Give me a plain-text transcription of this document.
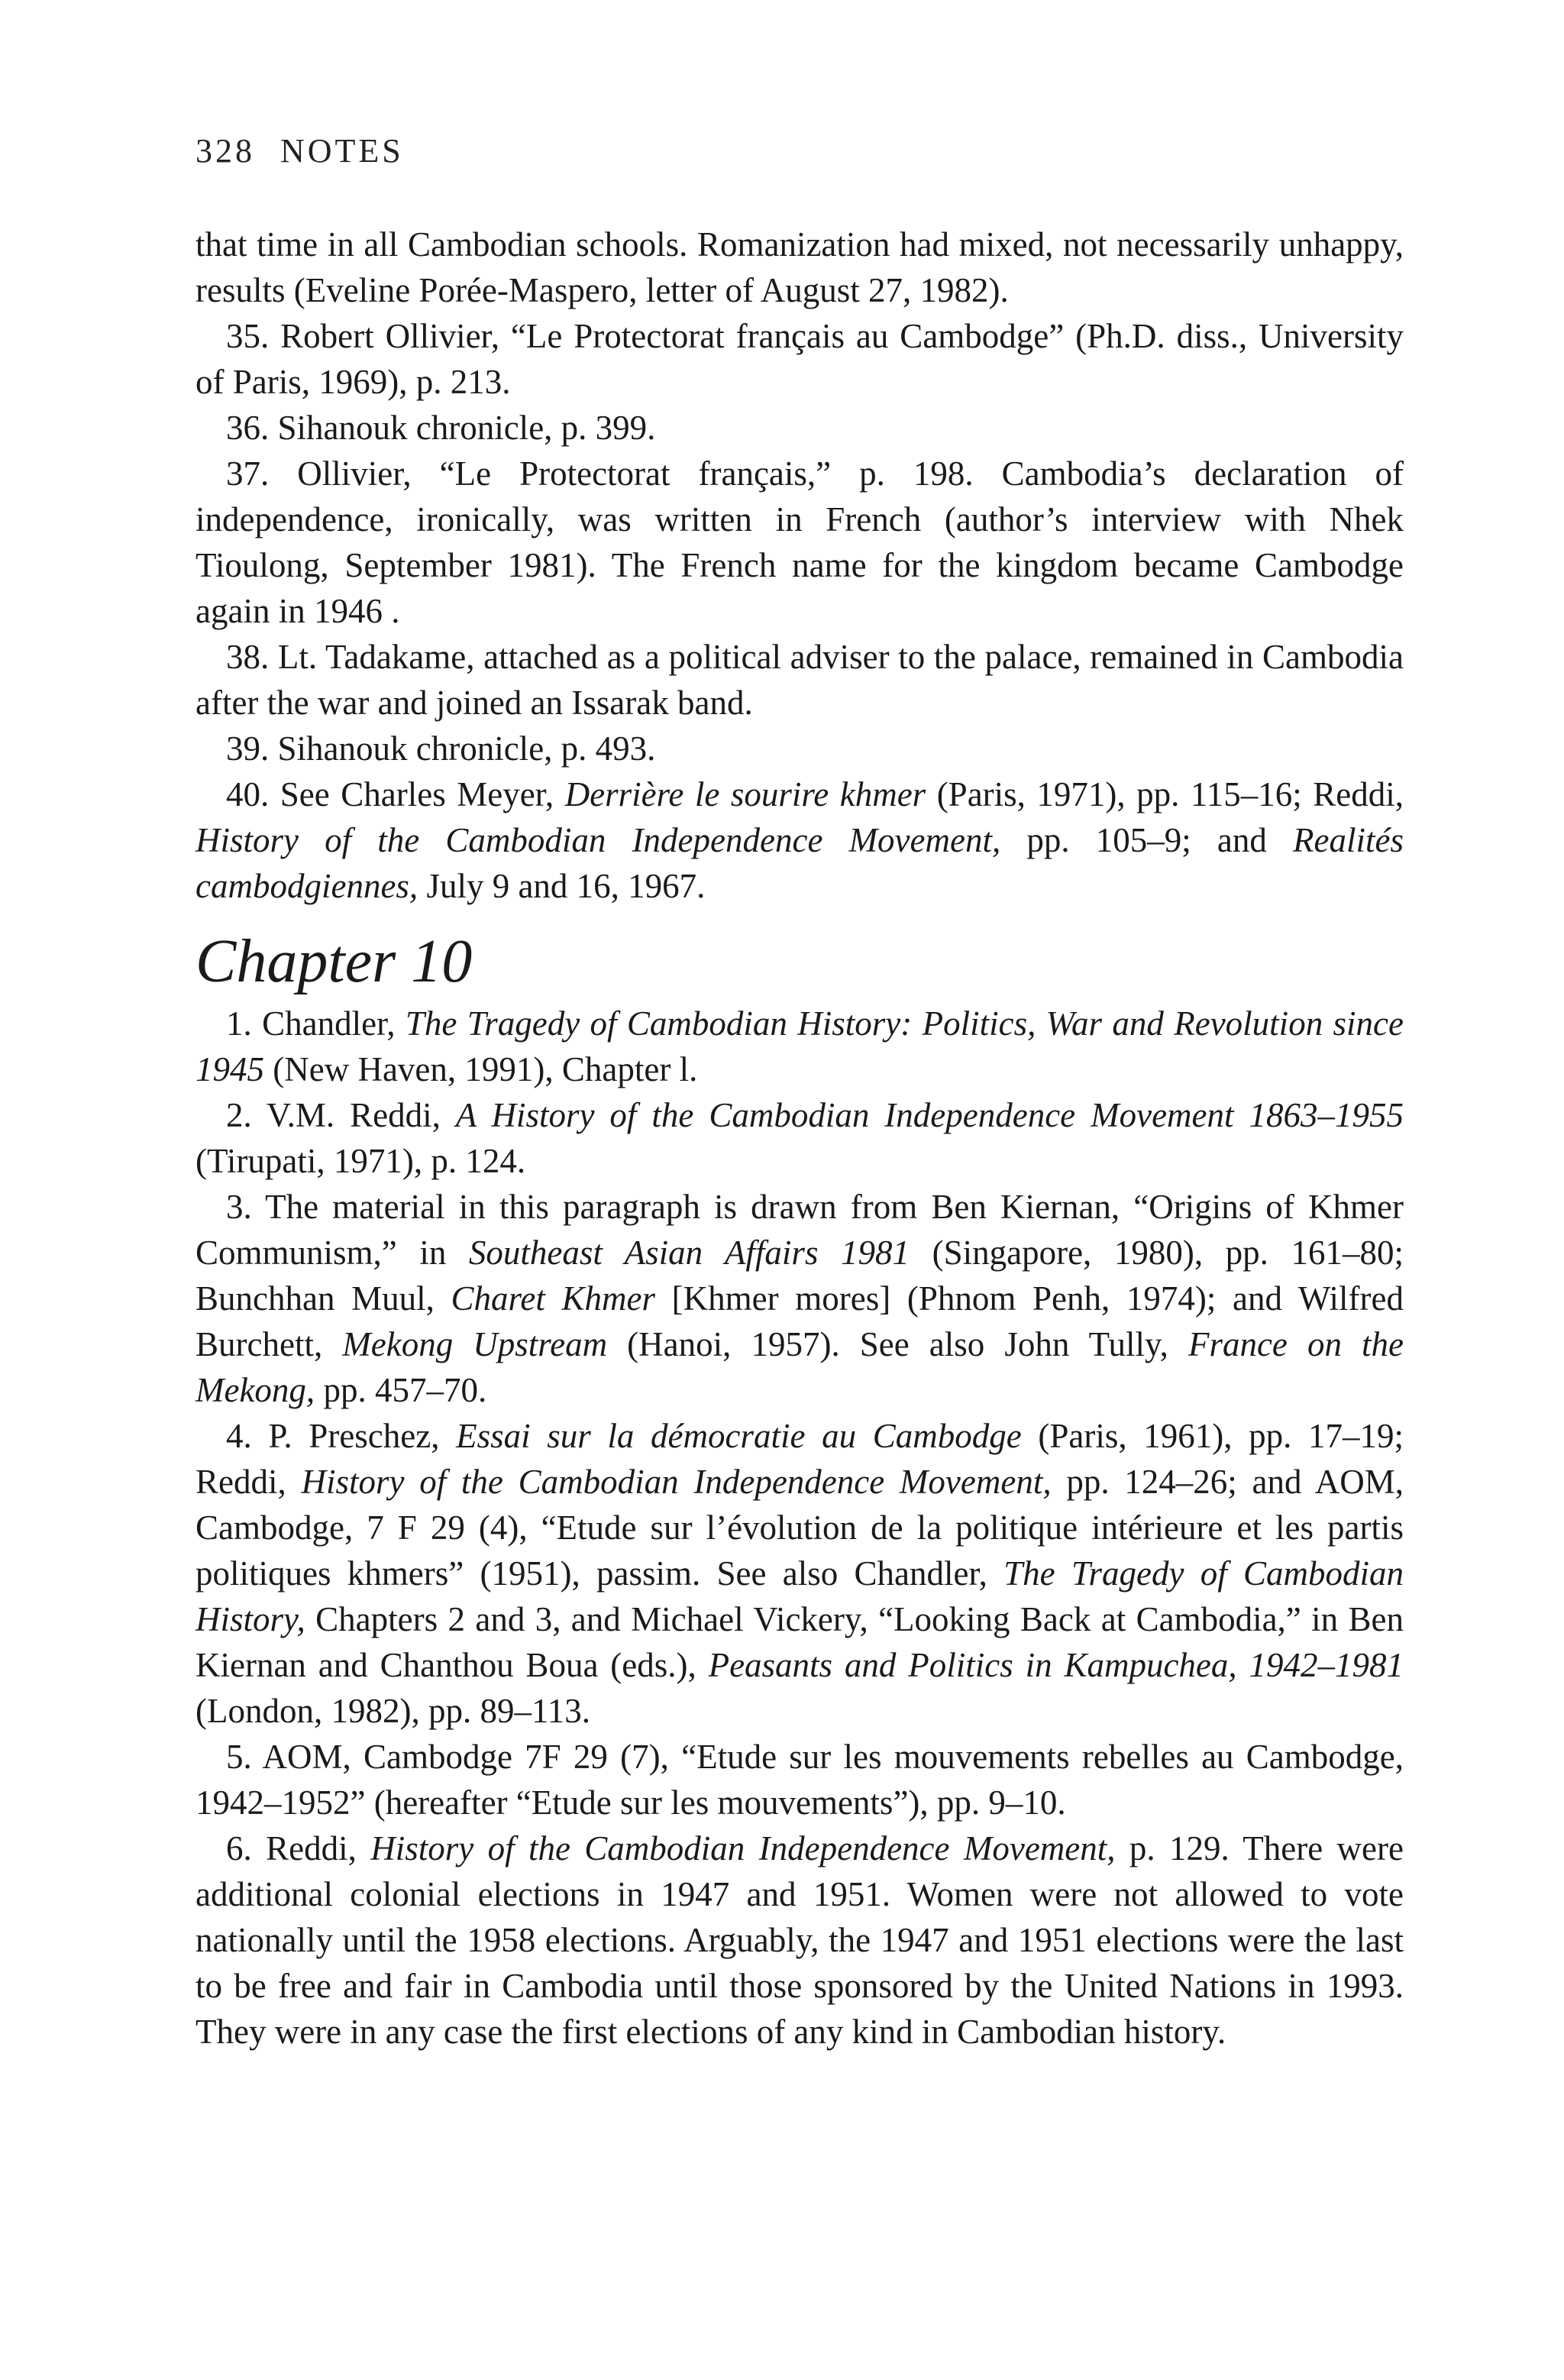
328 NOTES

that time in all Cambodian schools. Romanization had mixed, not necessarily unhappy, results (Eveline Porée-Maspero, letter of August 27, 1982).

35. Robert Ollivier, “Le Protectorat français au Cambodge” (Ph.D. diss., University of Paris, 1969), p. 213.

36. Sihanouk chronicle, p. 399.

37. Ollivier, “Le Protectorat français,” p. 198. Cambodia’s declaration of independence, ironically, was written in French (author’s interview with Nhek Tioulong, September 1981). The French name for the kingdom became Cambodge again in 1946 .

38. Lt. Tadakame, attached as a political adviser to the palace, remained in Cambodia after the war and joined an Issarak band.

39. Sihanouk chronicle, p. 493.

40. See Charles Meyer, Derrière le sourire khmer (Paris, 1971), pp. 115–16; Reddi, History of the Cambodian Independence Movement, pp. 105–9; and Realités cambodgiennes, July 9 and 16, 1967.

Chapter 10

1. Chandler, The Tragedy of Cambodian History: Politics, War and Revolution since 1945 (New Haven, 1991), Chapter l.

2. V.M. Reddi, A History of the Cambodian Independence Movement 1863–1955 (Tirupati, 1971), p. 124.

3. The material in this paragraph is drawn from Ben Kiernan, “Origins of Khmer Communism,” in Southeast Asian Affairs 1981 (Singapore, 1980), pp. 161–80; Bunchhan Muul, Charet Khmer [Khmer mores] (Phnom Penh, 1974); and Wilfred Burchett, Mekong Upstream (Hanoi, 1957). See also John Tully, France on the Mekong, pp. 457–70.

4. P. Preschez, Essai sur la démocratie au Cambodge (Paris, 1961), pp. 17–19; Reddi, History of the Cambodian Independence Movement, pp. 124–26; and AOM, Cambodge, 7 F 29 (4), “Etude sur l’évolution de la politique intérieure et les partis politiques khmers” (1951), passim. See also Chandler, The Tragedy of Cambodian History, Chapters 2 and 3, and Michael Vickery, “Looking Back at Cambodia,” in Ben Kiernan and Chanthou Boua (eds.), Peasants and Politics in Kampuchea, 1942–1981 (London, 1982), pp. 89–113.

5. AOM, Cambodge 7F 29 (7), “Etude sur les mouvements rebelles au Cambodge, 1942–1952” (hereafter “Etude sur les mouvements”), pp. 9–10.

6. Reddi, History of the Cambodian Independence Movement, p. 129. There were additional colonial elections in 1947 and 1951. Women were not allowed to vote nationally until the 1958 elections. Arguably, the 1947 and 1951 elections were the last to be free and fair in Cambodia until those sponsored by the United Nations in 1993. They were in any case the first elections of any kind in Cambodian history.
